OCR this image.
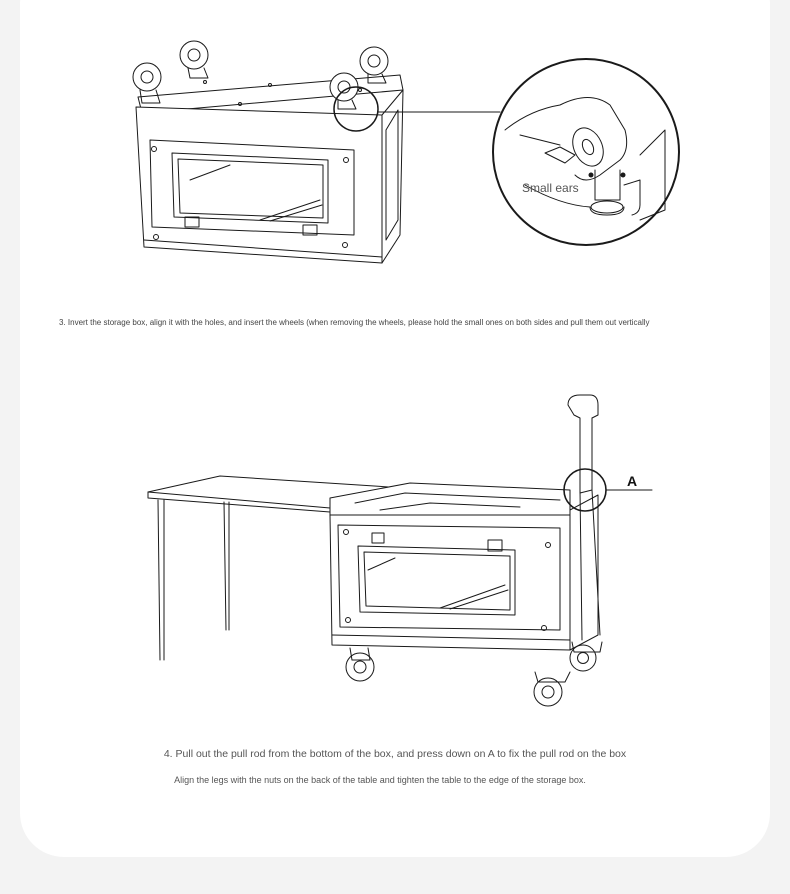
Small ears
3. Invert the storage box, align it with the holes, and insert the wheels (when removing the wheels, please hold the small ones on both sides and pull them out vertically
A
4. Pull out the pull rod from the bottom of the box, and press down on A to fix the pull rod on the box
Align the legs with the nuts on the back of the table and tighten the table to the edge of the storage box.
